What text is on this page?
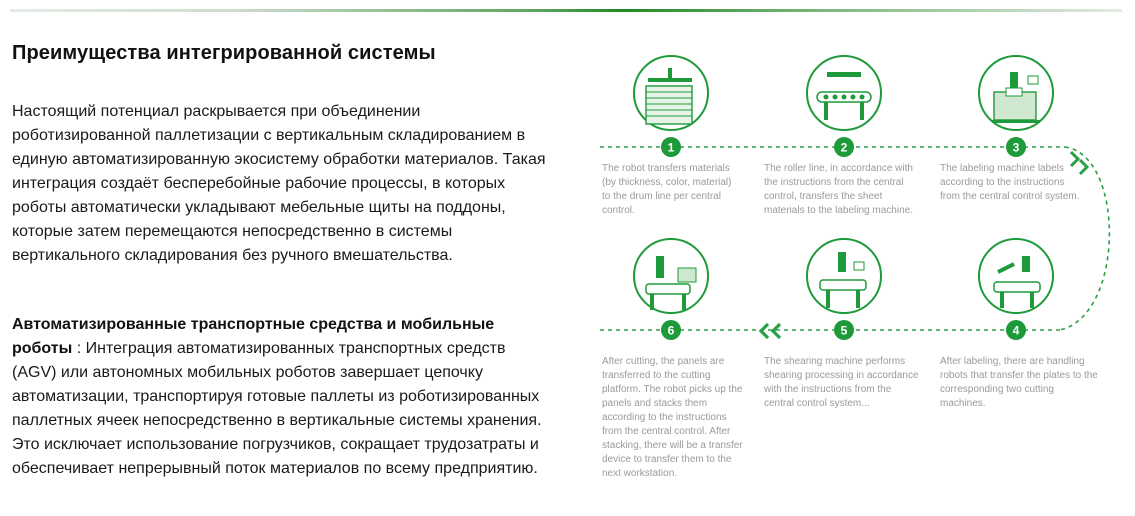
Преимущества интегрированной системы

Настоящий потенциал раскрывается при объединении роботизированной паллетизации с вертикальным складированием в единую автоматизированную экосистему обработки материалов. Такая интеграция создаёт бесперебойные рабочие процессы, в которых роботы автоматически укладывают мебельные щиты на поддоны, которые затем перемещаются непосредственно в системы вертикального складирования без ручного вмешательства.

Автоматизированные транспортные средства и мобильные роботы : Интеграция автоматизированных транспортных средств (AGV) или автономных мобильных роботов завершает цепочку автоматизации, транспортируя готовые паллеты из роботизированных паллетных ячеек непосредственно в вертикальные системы хранения. Это исключает использование погрузчиков, сокращает трудозатраты и обеспечивает непрерывный поток материалов по всему предприятию.

1	2	3
6	5	4

The robot transfers materials (by thickness, color, material) to the drum line per central control.

The roller line, in accordance with the instructions from the central control, transfers the sheet materials to the labeling machine.

The labeling machine labels according to the instructions from the central control system.

After cutting, the panels are transferred to the cutting platform. The robot picks up the panels and stacks them according to the instructions from the central control. After stacking, there will be a transfer device to transfer them to the next workstation.

The shearing machine performs shearing processing in accordance with the instructions from the central control system...

After labeling, there are handling robots that transfer the plates to the corresponding two cutting machines.
